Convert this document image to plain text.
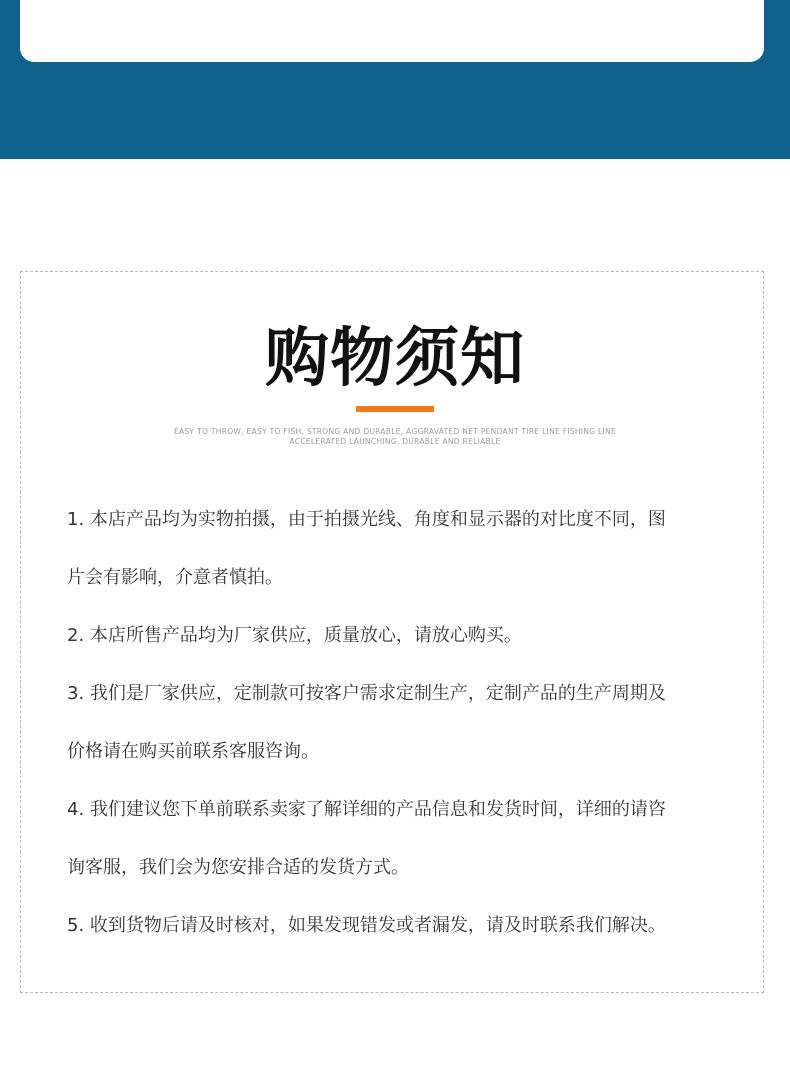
购物须知
EASY TO THROW, EASY TO FISH, STRONG AND DURABLE, AGGRAVATED NET PENDANT TIRE LINE FISHING LINE
ACCELERATED LAUNCHING, DURABLE AND RELIABLE

1. 本店产品均为实物拍摄，由于拍摄光线、角度和显示器的对比度不同，图

片会有影响，介意者慎拍。

2. 本店所售产品均为厂家供应，质量放心，请放心购买。

3. 我们是厂家供应，定制款可按客户需求定制生产，定制产品的生产周期及

价格请在购买前联系客服咨询。

4. 我们建议您下单前联系卖家了解详细的产品信息和发货时间，详细的请咨

询客服，我们会为您安排合适的发货方式。

5. 收到货物后请及时核对，如果发现错发或者漏发，请及时联系我们解决。
